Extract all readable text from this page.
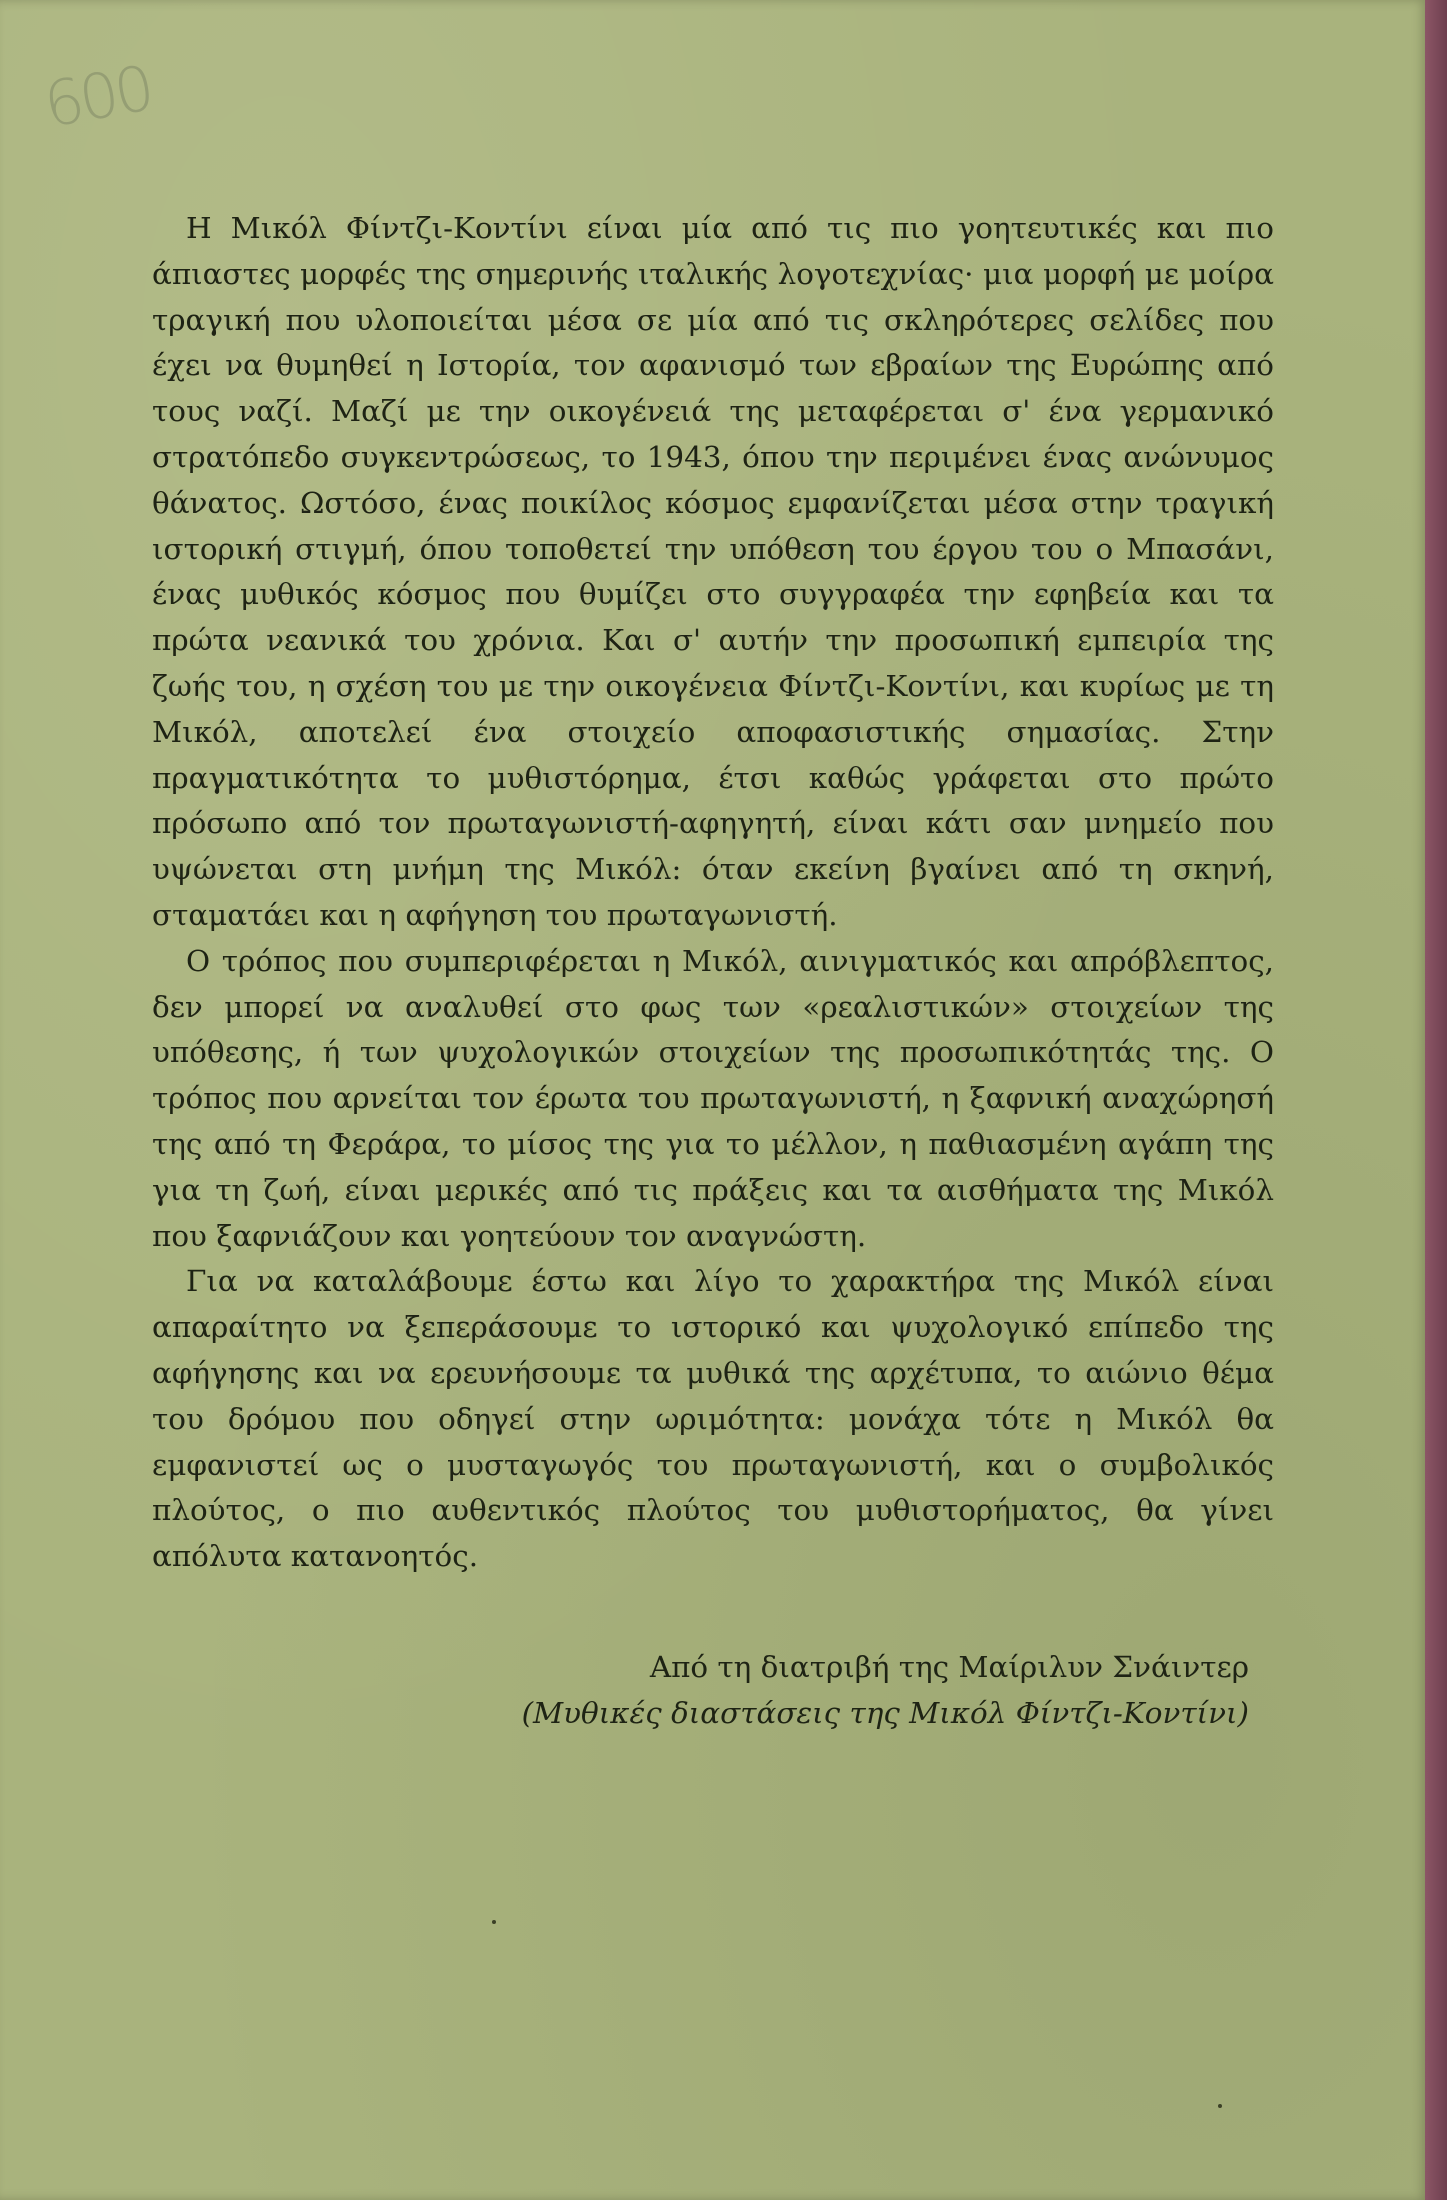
600

Η Μικόλ Φίντζι-Κοντίνι είναι μία από τις πιο γοητευτικές και πιο άπιαστες μορφές της σημερινής ιταλικής λογοτεχνίας· μια μορφή με μοίρα τραγική που υλοποιείται μέσα σε μία από τις σκληρότερες σελίδες που έχει να θυμηθεί η Ιστορία, τον αφανισμό των εβραίων της Ευρώπης από τους ναζί. Μαζί με την οικογένειά της μεταφέρεται σ' ένα γερμανικό στρατόπεδο συγκεντρώσεως, το 1943, όπου την περιμένει ένας ανώνυμος θάνατος. Ωστόσο, ένας ποικίλος κόσμος εμφανίζεται μέσα στην τραγική ιστορική στιγμή, όπου τοποθετεί την υπόθεση του έργου του ο Μπασάνι, ένας μυθικός κόσμος που θυμίζει στο συγγραφέα την εφηβεία και τα πρώτα νεανικά του χρόνια. Και σ' αυτήν την προσωπική εμπειρία της ζωής του, η σχέση του με την οικογένεια Φίντζι-Κοντίνι, και κυρίως με τη Μικόλ, αποτελεί ένα στοιχείο αποφασιστικής σημασίας. Στην πραγματικότητα το μυθιστόρημα, έτσι καθώς γράφεται στο πρώτο πρόσωπο από τον πρωταγωνιστή-αφηγητή, είναι κάτι σαν μνημείο που υψώνεται στη μνήμη της Μικόλ: όταν εκείνη βγαίνει από τη σκηνή, σταματάει και η αφήγηση του πρωταγωνιστή.

Ο τρόπος που συμπεριφέρεται η Μικόλ, αινιγματικός και απρόβλεπτος, δεν μπορεί να αναλυθεί στο φως των «ρεαλιστικών» στοιχείων της υπόθεσης, ή των ψυχολογικών στοιχείων της προσωπικότητάς της. Ο τρόπος που αρνείται τον έρωτα του πρωταγωνιστή, η ξαφνική αναχώρησή της από τη Φεράρα, το μίσος της για το μέλλον, η παθιασμένη αγάπη της για τη ζωή, είναι μερικές από τις πράξεις και τα αισθήματα της Μικόλ που ξαφνιάζουν και γοητεύουν τον αναγνώστη.

Για να καταλάβουμε έστω και λίγο το χαρακτήρα της Μικόλ είναι απαραίτητο να ξεπεράσουμε το ιστορικό και ψυχολογικό επίπεδο της αφήγησης και να ερευνήσουμε τα μυθικά της αρχέτυπα, το αιώνιο θέμα του δρόμου που οδηγεί στην ωριμότητα: μονάχα τότε η Μικόλ θα εμφανιστεί ως ο μυσταγωγός του πρωταγωνιστή, και ο συμβολικός πλούτος, ο πιο αυθεντικός πλούτος του μυθιστορήματος, θα γίνει απόλυτα κατανοητός.

Από τη διατριβή της Μαίριλυν Σνάιντερ
(Μυθικές διαστάσεις της Μικόλ Φίντζι-Κοντίνι)
